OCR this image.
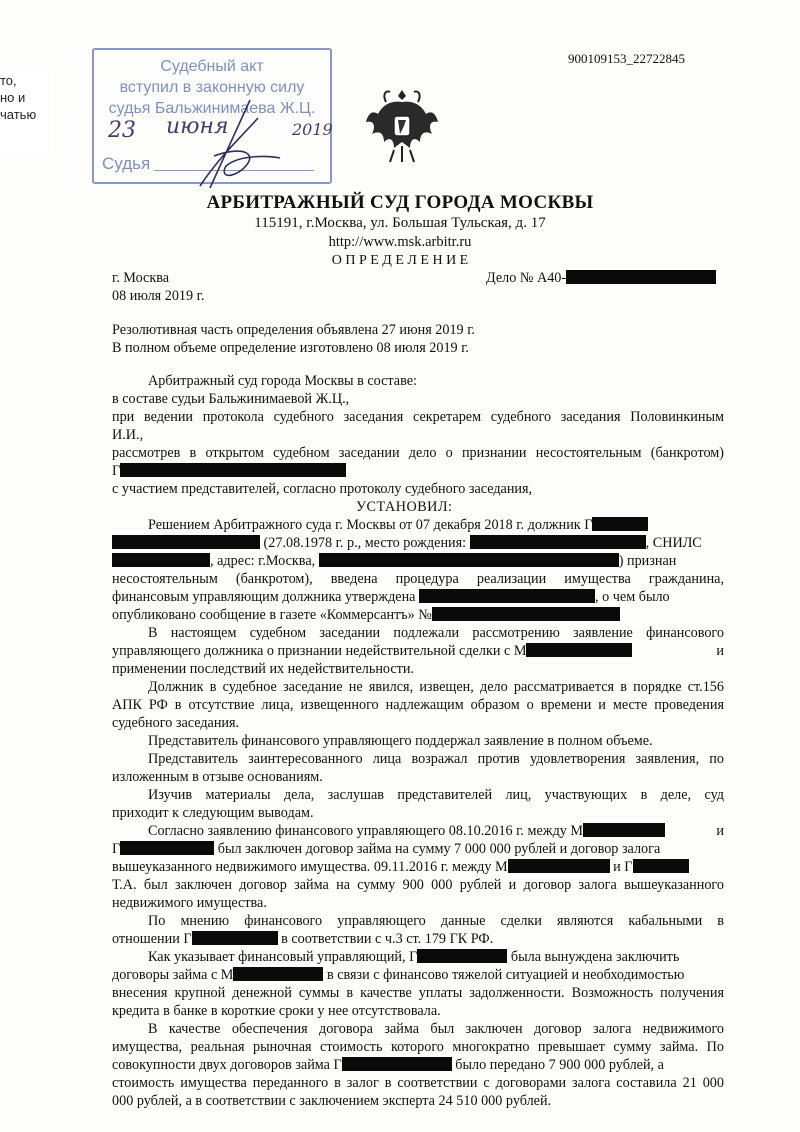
900109153_22722845
то,
но и
чатью
Судебный акт
вступил в законную силу
судья Бальжинимаева Ж.Ц.
Судья
23 июня	2019
АРБИТРАЖНЫЙ СУД ГОРОДА МОСКВЫ
115191, г.Москва, ул. Большая Тульская, д. 17
http://www.msk.arbitr.ru
О П Р Е Д Е Л Е Н И Е
г. Москва
08 июля 2019 г.
Дело № А40-
Резолютивная часть определения объявлена 27 июня 2019 г.
В полном объеме определение изготовлено 08 июля 2019 г.
Арбитражный суд города Москвы в составе:
в составе судьи Бальжинимаевой Ж.Ц.,
при ведении протокола судебного заседания секретарем судебного заседания Половинкиным
И.И.,
рассмотрев в открытом судебном заседании дело о признании несостоятельным (банкротом)
Г
с участием представителей, согласно протоколу судебного заседания,
УСТАНОВИЛ:
Решением Арбитражного суда г. Москвы от 07 декабря 2018 г. должник Г
(27.08.1978 г. р., место рождения:	, СНИЛС
, адрес: г.Москва,	) признан
несостоятельным (банкротом), введена процедура реализации имущества гражданина,
финансовым управляющим должника утверждена	, о чем было
опубликовано сообщение в газете «Коммерсантъ» №
В настоящем судебном заседании подлежали рассмотрению заявление финансового
управляющего должника о признании недействительной сделки с М	и
применении последствий их недействительности.
Должник в судебное заседание не явился, извещен, дело рассматривается в порядке ст.156
АПК РФ в отсутствие лица, извещенного надлежащим образом о времени и месте проведения
судебного заседания.
Представитель финансового управляющего поддержал заявление в полном объеме.
Представитель заинтересованного лица возражал против удовлетворения заявления, по
изложенным в отзыве основаниям.
Изучив материалы дела, заслушав представителей лиц, участвующих в деле, суд
приходит к следующим выводам.
Согласно заявлению финансового управляющего 08.10.2016 г. между М	и
Г	был заключен договор займа на сумму 7 000 000 рублей и договор залога
вышеуказанного недвижимого имущества. 09.11.2016 г. между М	и Г
Т.А. был заключен договор займа на сумму 900 000 рублей и договор залога вышеуказанного
недвижимого имущества.
По мнению финансового управляющего данные сделки являются кабальными в
отношении Г	в соответствии с ч.3 ст. 179 ГК РФ.
Как указывает финансовый управляющий, Г	была вынуждена заключить
договоры займа с М	в связи с финансово тяжелой ситуацией и необходимостью
внесения крупной денежной суммы в качестве уплаты задолженности. Возможность получения
кредита в банке в короткие сроки у нее отсутствовала.
В качестве обеспечения договора займа был заключен договор залога недвижимого
имущества, реальная рыночная стоимость которого многократно превышает сумму займа. По
совокупности двух договоров займа Г	было передано 7 900 000 рублей, а
стоимость имущества переданного в залог в соответствии с договорами залога составила 21 000
000 рублей, а в соответствии с заключением эксперта 24 510 000 рублей.
